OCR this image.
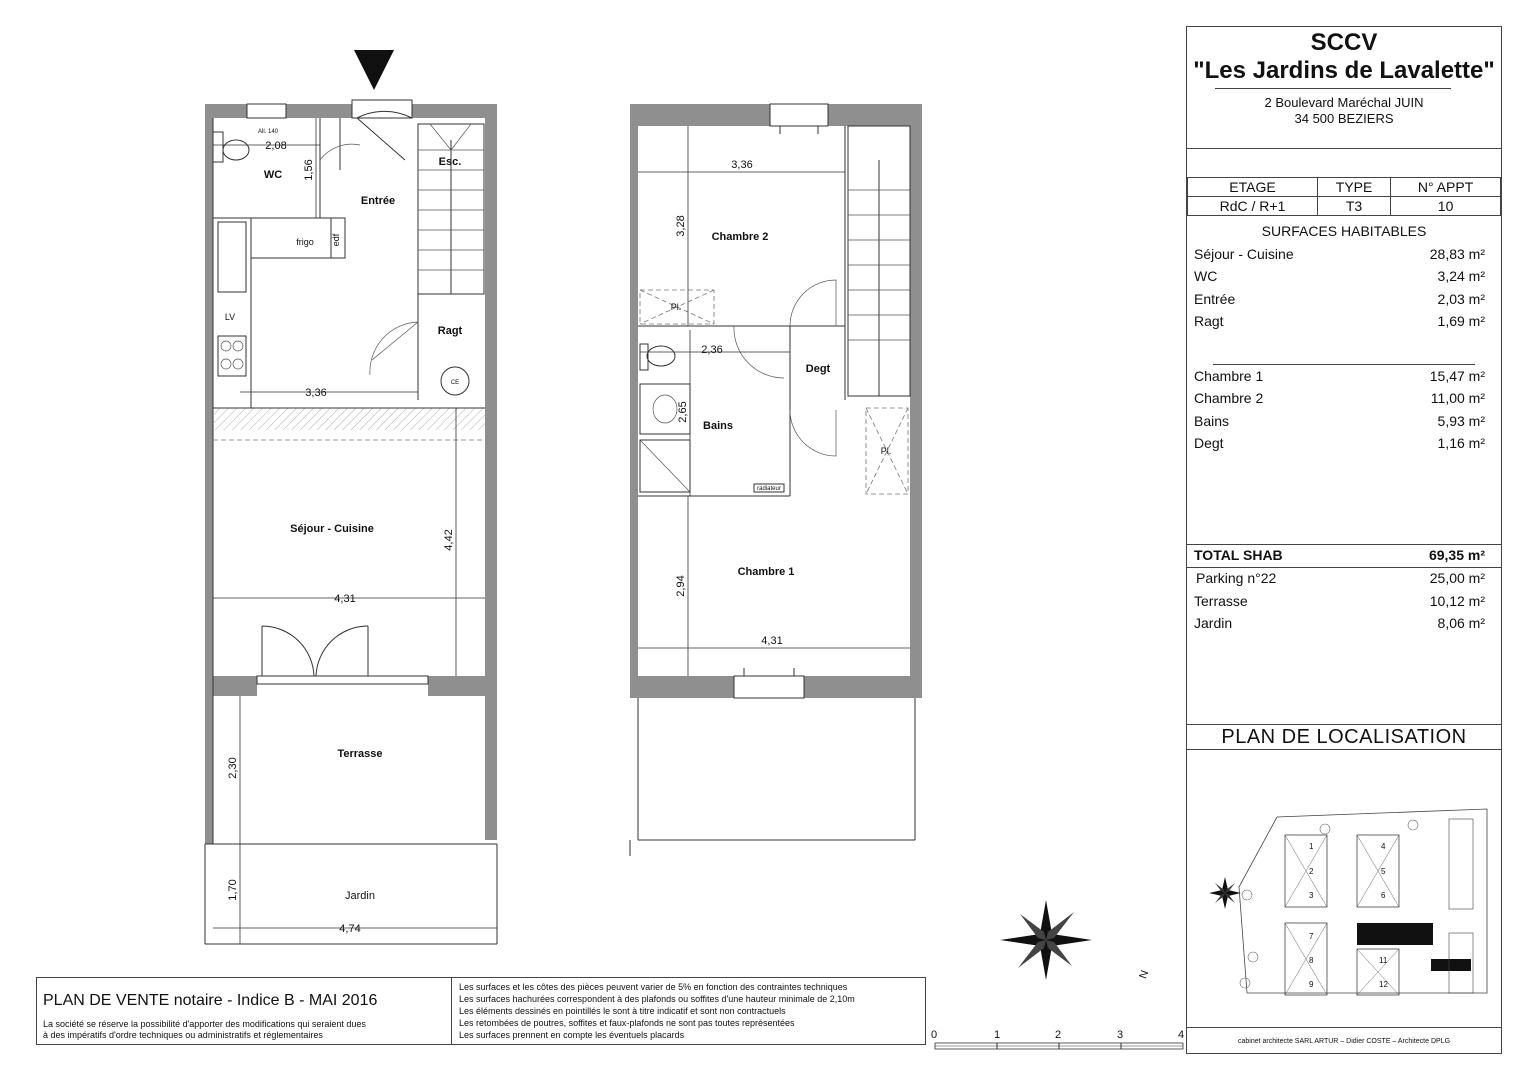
WC
Entrée
Esc.
Ragt
Séjour - Cuisine
Terrasse
Jardin
frigo edf
LV
CE
All. 140
2,08
1,56
3,36
4,31
4,42
2,30
1,70
4,74
Chambre 2
Degt
Bains
Chambre 1
Pl.
Pl.
radiateur
3,36
3,28
2,36
2,65
2,94
4,31
N
0	1	2	3	4
PLAN DE VENTE notaire - Indice B - MAI 2016
La société se réserve la possibilité d'apporter des modifications qui seraient dues
à des impératifs d'ordre techniques ou administratifs et réglementaires
Les surfaces et les côtes des pièces peuvent varier de 5% en fonction des contraintes techniques
Les surfaces hachurées correspondent à des plafonds ou soffites d'une hauteur minimale de 2,10m
Les éléments dessinés en pointillés le sont à titre indicatif et sont non contractuels
Les retombées de poutres, soffites et faux-plafonds ne sont pas toutes représentées
Les surfaces prennent en compte les éventuels placards
SCCV
"Les Jardins de Lavalette"
2 Boulevard Maréchal JUIN
34 500 BEZIERS
ETAGE	TYPE	N° APPT
RdC / R+1	T3	10
SURFACES HABITABLES
Séjour - Cuisine	28,83 m²
WC	3,24 m²
Entrée	2,03 m²
Ragt	1,69 m²
Chambre 1	15,47 m²
Chambre 2	11,00 m²
Bains	5,93 m²
Degt	1,16 m²
TOTAL SHAB	69,35 m²
Parking n°22	25,00 m²
Terrasse	10,12 m²
Jardin	8,06 m²
PLAN DE LOCALISATION
1
2
3
4
5
6
7
8
9
10
11
12
cabinet architecte SARL ARTUR – Didier COSTE – Architecte DPLG
